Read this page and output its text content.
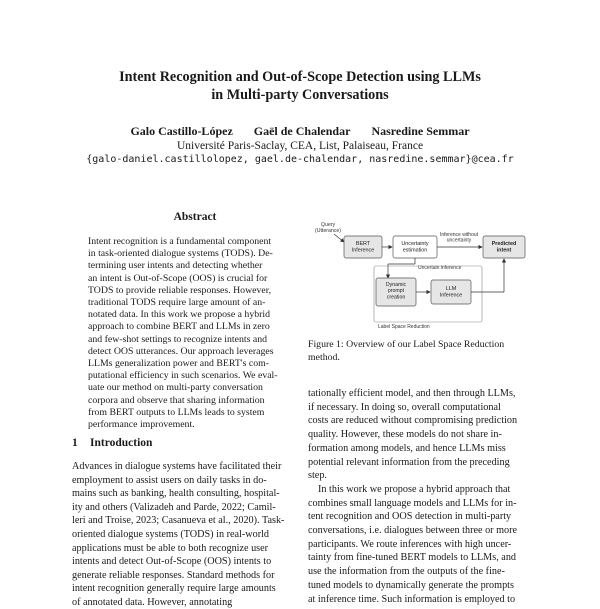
Intent Recognition and Out-of-Scope Detection using LLMs
in Multi-party Conversations
Galo Castillo-López Gaël de Chalendar Nasredine Semmar
Université Paris-Saclay, CEA, List, Palaiseau, France
{galo-daniel.castillolopez, gael.de-chalendar, nasredine.semmar}@cea.fr
Abstract
Intent recognition is a fundamental component
in task-oriented dialogue systems (TODS). De-
termining user intents and detecting whether
an intent is Out-of-Scope (OOS) is crucial for
TODS to provide reliable responses. However,
traditional TODS require large amount of an-
notated data. In this work we propose a hybrid
approach to combine BERT and LLMs in zero
and few-shot settings to recognize intents and
detect OOS utterances. Our approach leverages
LLMs generalization power and BERT's com-
putational efficiency in such scenarios. We eval-
uate our method on multi-party conversation
corpora and observe that sharing information
from BERT outputs to LLMs leads to system
performance improvement.
1 Introduction
Advances in dialogue systems have facilitated their
employment to assist users on daily tasks in do-
mains such as banking, health consulting, hospital-
ity and others (Valizadeh and Parde, 2022; Camil-
leri and Troise, 2023; Casanueva et al., 2020). Task-
oriented dialogue systems (TODS) in real-world
applications must be able to both recognize user
intents and detect Out-of-Scope (OOS) intents to
generate reliable responses. Standard methods for
intent recognition generally require large amounts
of annotated data. However, annotating
Query (Utterance)
BERT Inference
Uncertainty estimation
Inference without uncertainty
Predicted intent
Uncertain inference
Label Space Reduction
Dynamic prompt creation
LLM Inference
Figure 1: Overview of our Label Space Reduction
method.
tationally efficient model, and then through LLMs,
if necessary. In doing so, overall computational
costs are reduced without compromising prediction
quality. However, these models do not share in-
formation among models, and hence LLMs miss
potential relevant information from the preceding
step.
In this work we propose a hybrid approach that
combines small language models and LLMs for in-
tent recognition and OOS detection in multi-party
conversations, i.e. dialogues between three or more
participants. We route inferences with high uncer-
tainty from fine-tuned BERT models to LLMs, and
use the information from the outputs of the fine-
tuned models to dynamically generate the prompts
at inference time. Such information is employed to
